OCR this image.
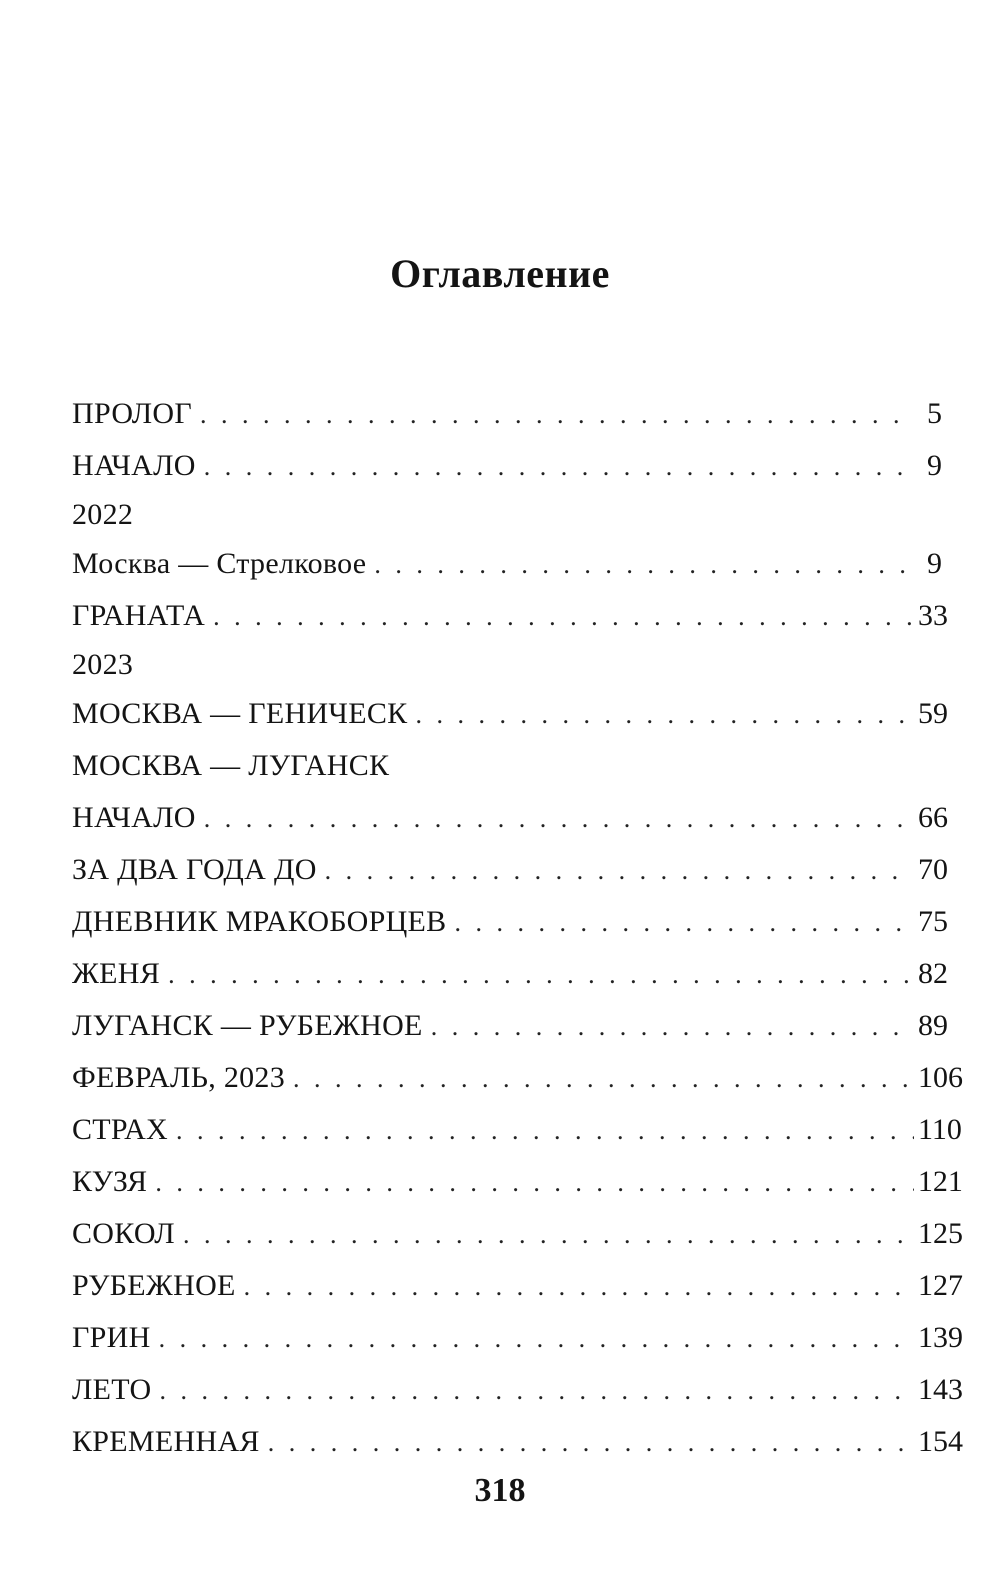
Оглавление
ПРОЛОГ . . .	5
НАЧАЛО . . .	9
2022
Москва — Стрелковое . . .	9
ГРАНАТА . . .	33
2023
МОСКВА — ГЕНИЧЕСК . . .	59
МОСКВА — ЛУГАНСК
НАЧАЛО . . .	66
ЗА ДВА ГОДА ДО . . .	70
ДНЕВНИК МРАКОБОРЦЕВ . . .	75
ЖЕНЯ . . .	82
ЛУГАНСК — РУБЕЖНОЕ . . .	89
ФЕВРАЛЬ, 2023 . . .	106
СТРАХ . . .	110
КУЗЯ . . .	121
СОКОЛ . . .	125
РУБЕЖНОЕ . . .	127
ГРИН . . .	139
ЛЕТО . . .	143
КРЕМЕННАЯ . . .	154
318
